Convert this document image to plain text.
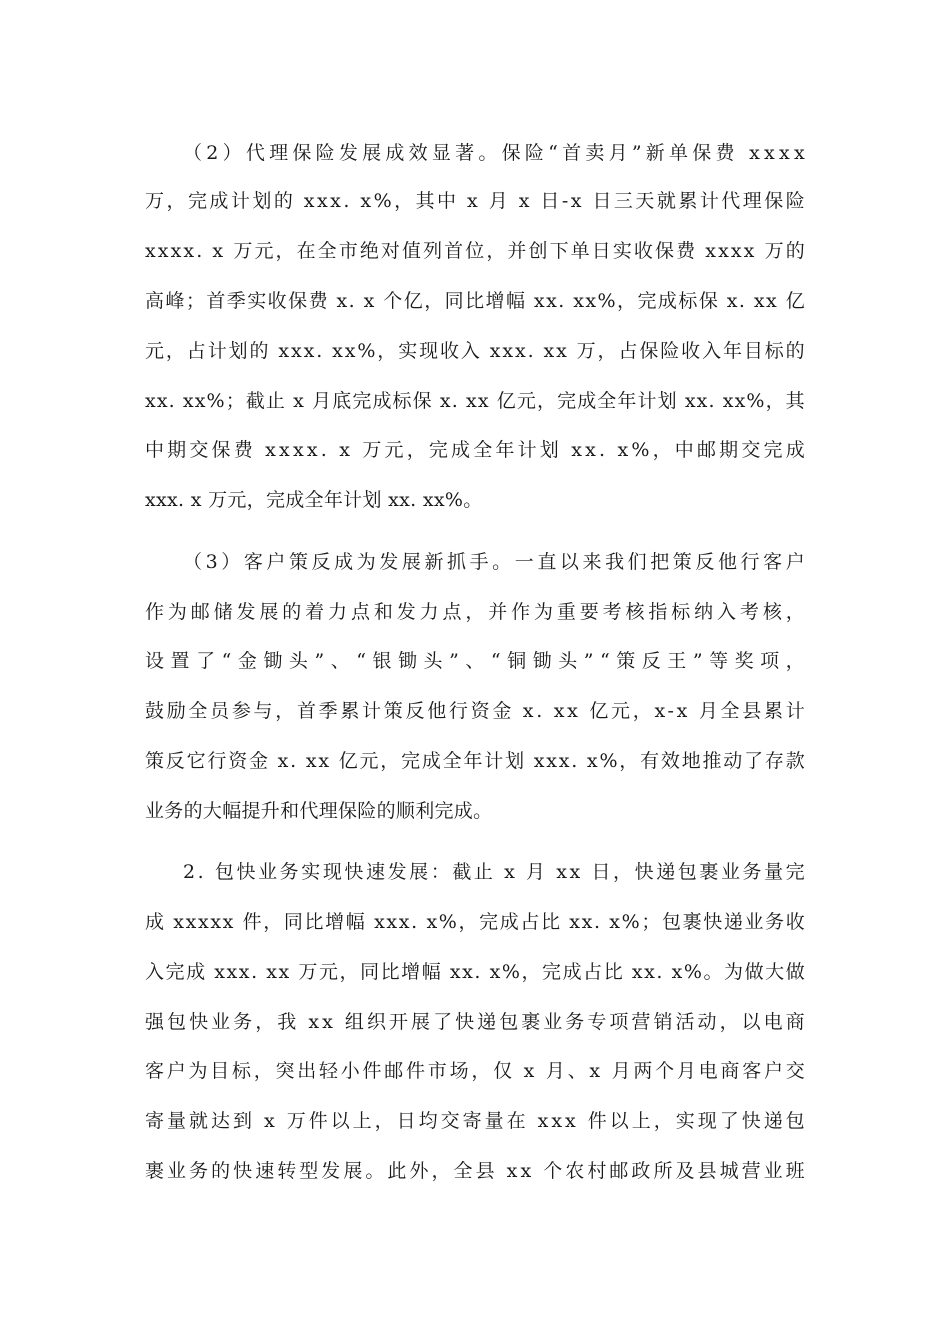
（2）代理保险发展成效显著。保险“首卖月”新单保费 xxxx
万，完成计划的 xxx. x%，其中 x 月 x 日-x 日三天就累计代理保险
xxxx. x 万元，在全市绝对值列首位，并创下单日实收保费 xxxx 万的
高峰；首季实收保费 x. x 个亿，同比增幅 xx. xx%，完成标保 x. xx 亿
元，占计划的 xxx. xx%，实现收入 xxx. xx 万，占保险收入年目标的
xx. xx%；截止 x 月底完成标保 x. xx 亿元，完成全年计划 xx. xx%，其
中期交保费 xxxx. x 万元，完成全年计划 xx. x%，中邮期交完成
xxx. x 万元，完成全年计划 xx. xx%。
（3）客户策反成为发展新抓手。一直以来我们把策反他行客户
作为邮储发展的着力点和发力点，并作为重要考核指标纳入考核，
设置了“金锄头”、“银锄头”、“铜锄头”“策反王”等奖项，
鼓励全员参与，首季累计策反他行资金 x. xx 亿元，x-x 月全县累计
策反它行资金 x. xx 亿元，完成全年计划 xxx. x%，有效地推动了存款
业务的大幅提升和代理保险的顺利完成。
2. 包快业务实现快速发展：截止 x 月 xx 日，快递包裹业务量完
成 xxxxx 件，同比增幅 xxx. x%，完成占比 xx. x%；包裹快递业务收
入完成 xxx. xx 万元，同比增幅 xx. x%，完成占比 xx. x%。为做大做
强包快业务，我 xx 组织开展了快递包裹业务专项营销活动，以电商
客户为目标，突出轻小件邮件市场，仅 x 月、x 月两个月电商客户交
寄量就达到 x 万件以上，日均交寄量在 xxx 件以上，实现了快递包
裹业务的快速转型发展。此外，全县 xx 个农村邮政所及县城营业班
